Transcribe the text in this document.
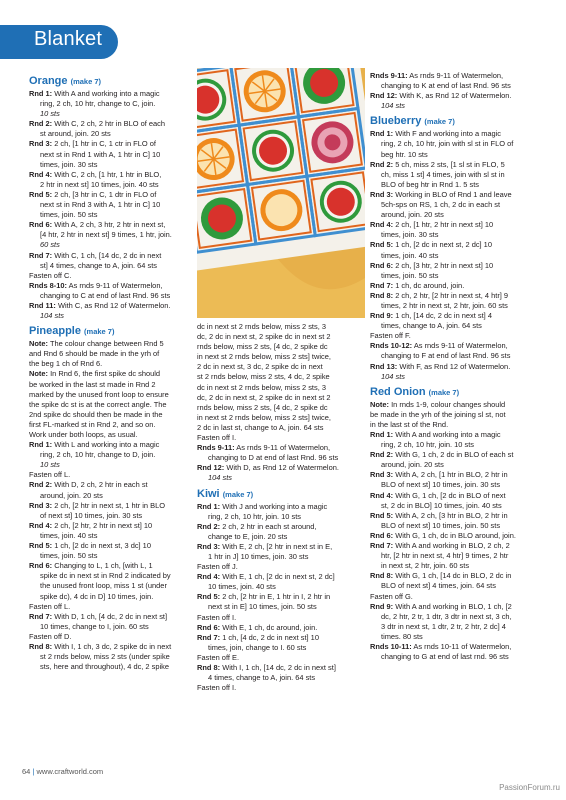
Blanket
Orange (make 7)

Rnd 1: With A and working into a magic

ring, 2 ch, 10 htr, change to C, join.

10 sts

Rnd 2: With C, 2 ch, 2 htr in BLO of each

st around, join. 20 sts

Rnd 3: 2 ch, [1 htr in C, 1 ctr in FLO of

next st in Rnd 1 with A, 1 htr in C] 10

times, join. 30 sts

Rnd 4: With C, 2 ch, [1 htr, 1 htr in BLO,

2 htr in next st] 10 times, join. 40 sts

Rnd 5: 2 ch, [3 htr in C, 1 dtr in FLO of

next st in Rnd 3 with A, 1 htr in C] 10

times, join. 50 sts

Rnd 6: With A, 2 ch, 3 htr, 2 htr in next st,

[4 htr, 2 htr in next st] 9 times, 1 htr, join.

60 sts

Rnd 7: With C, 1 ch, [14 dc, 2 dc in next

st] 4 times, change to A, join. 64 sts

Fasten off C.

Rnds 8-10: As rnds 9-11 of Watermelon,

changing to C at end of last Rnd. 96 sts

Rnd 11: With C, as Rnd 12 of Watermelon.

104 sts

Pineapple (make 7)

Note: The colour change between Rnd 5

and Rnd 6 should be made in the yrh of

the beg 1 ch of Rnd 6.

Note: In Rnd 6, the first spike dc should

be worked in the last st made in Rnd 2

marked by the unused front loop to ensure

the spike dc st is at the correct angle. The

2nd spike dc should then be made in the

first FL-marked st in Rnd 2, and so on.

Work under both loops, as usual.

Rnd 1: With L and working into a magic

ring, 2 ch, 10 htr, change to D, join.

10 sts

Fasten off L.

Rnd 2: With D, 2 ch, 2 htr in each st

around, join. 20 sts

Rnd 3: 2 ch, [2 htr in next st, 1 htr in BLO

of next st] 10 times, join. 30 sts

Rnd 4: 2 ch, [2 htr, 2 htr in next st] 10

times, join. 40 sts

Rnd 5: 1 ch, [2 dc in next st, 3 dc] 10

times, join. 50 sts

Rnd 6: Changing to L, 1 ch, [with L, 1

spike dc in next st in Rnd 2 indicated by

the unused front loop, miss 1 st (under

spike dc), 4 dc in D] 10 times, join.

Fasten off L.

Rnd 7: With D, 1 ch, [4 dc, 2 dc in next st]

10 times, change to I, join. 60 sts

Fasten off D.

Rnd 8: With I, 1 ch, 3 dc, 2 spike dc in next

st 2 rnds below, miss 2 sts (under spike

sts, here and throughout), 4 dc, 2 spike

dc in next st 2 rnds below, miss 2 sts, 3

dc, 2 dc in next st, 2 spike dc in next st 2

rnds below, miss 2 sts, [4 dc, 2 spike dc

in next st 2 rnds below, miss 2 sts] twice,

2 dc in next st, 3 dc, 2 spike dc in next

st 2 rnds below, miss 2 sts, 4 dc, 2 spike

dc in next st 2 rnds below, miss 2 sts, 3

dc, 2 dc in next st, 2 spike dc in next st 2

rnds below, miss 2 sts, [4 dc, 2 spike dc

in next st 2 rnds below, miss 2 sts] twice,

2 dc in last st, change to A, join. 64 sts

Fasten off I.

Rnds 9-11: As rnds 9-11 of Watermelon,

changing to D at end of last Rnd. 96 sts

Rnd 12: With D, as Rnd 12 of Watermelon.

104 sts

Kiwi (make 7)

Rnd 1: With J and working into a magic

ring, 2 ch, 10 htr, join. 10 sts

Rnd 2: 2 ch, 2 htr in each st around,

change to E, join. 20 sts

Rnd 3: With E, 2 ch, [2 htr in next st in E,

1 htr in J] 10 times, join. 30 sts

Fasten off J.

Rnd 4: With E, 1 ch, [2 dc in next st, 2 dc]

10 times, join. 40 sts

Rnd 5: 2 ch, [2 htr in E, 1 htr in I, 2 htr in

next st in E] 10 times, join. 50 sts

Fasten off I.

Rnd 6: With E, 1 ch, dc around, join.

Rnd 7: 1 ch, [4 dc, 2 dc in next st] 10

times, join, change to I. 60 sts

Fasten off E.

Rnd 8: With I, 1 ch, [14 dc, 2 dc in next st]

4 times, change to A, join. 64 sts

Fasten off I.

Rnds 9-11: As rnds 9-11 of Watermelon,

changing to K at end of last Rnd. 96 sts

Rnd 12: With K, as Rnd 12 of Watermelon.

104 sts

Blueberry (make 7)

Rnd 1: With F and working into a magic

ring, 2 ch, 10 htr, join with sl st in FLO of

beg htr. 10 sts

Rnd 2: 5 ch, miss 2 sts, [1 sl st in FLO, 5

ch, miss 1 st] 4 times, join with sl st in

BLO of beg htr in Rnd 1. 5 sts

Rnd 3: Working in BLO of Rnd 1 and leave

5ch-sps on RS, 1 ch, 2 dc in each st

around, join. 20 sts

Rnd 4: 2 ch, [1 htr, 2 htr in next st] 10

times, join. 30 sts

Rnd 5: 1 ch, [2 dc in next st, 2 dc] 10

times, join. 40 sts

Rnd 6: 2 ch, [3 htr, 2 htr in next st] 10

times, join. 50 sts

Rnd 7: 1 ch, dc around, join.

Rnd 8: 2 ch, 2 htr, [2 htr in next st, 4 htr] 9

times, 2 htr in next st, 2 htr, join. 60 sts

Rnd 9: 1 ch, [14 dc, 2 dc in next st] 4

times, change to A, join. 64 sts

Fasten off F.

Rnds 10-12: As rnds 9-11 of Watermelon,

changing to F at end of last Rnd. 96 sts

Rnd 13: With F, as Rnd 12 of Watermelon.

104 sts

Red Onion (make 7)

Note: In rnds 1-9, colour changes should

be made in the yrh of the joining sl st, not

in the last st of the Rnd.

Rnd 1: With A and working into a magic

ring, 2 ch, 10 htr, join. 10 sts

Rnd 2: With G, 1 ch, 2 dc in BLO of each st

around, join. 20 sts

Rnd 3: With A, 2 ch, [1 htr in BLO, 2 htr in

BLO of next st] 10 times, join. 30 sts

Rnd 4: With G, 1 ch, [2 dc in BLO of next

st, 2 dc in BLO] 10 times, join. 40 sts

Rnd 5: With A, 2 ch, [3 htr in BLO, 2 htr in

BLO of next st] 10 times, join. 50 sts

Rnd 6: With G, 1 ch, dc in BLO around, join.

Rnd 7: With A and working in BLO, 2 ch, 2

htr, [2 htr in next st, 4 htr] 9 times, 2 htr

in next st, 2 htr, join. 60 sts

Rnd 8: With G, 1 ch, [14 dc in BLO, 2 dc in

BLO of next st] 4 times, join. 64 sts

Fasten off G.

Rnd 9: With A and working in BLO, 1 ch, [2

dc, 2 htr, 2 tr, 1 dtr, 3 dtr in next st, 3 ch,

3 dtr in next st, 1 dtr, 2 tr, 2 htr, 2 dc] 4

times. 80 sts

Rnds 10-11: As rnds 10-11 of Watermelon,

changing to G at end of last rnd. 96 sts

64 | www.craftworld.com
PassionForum.ru
